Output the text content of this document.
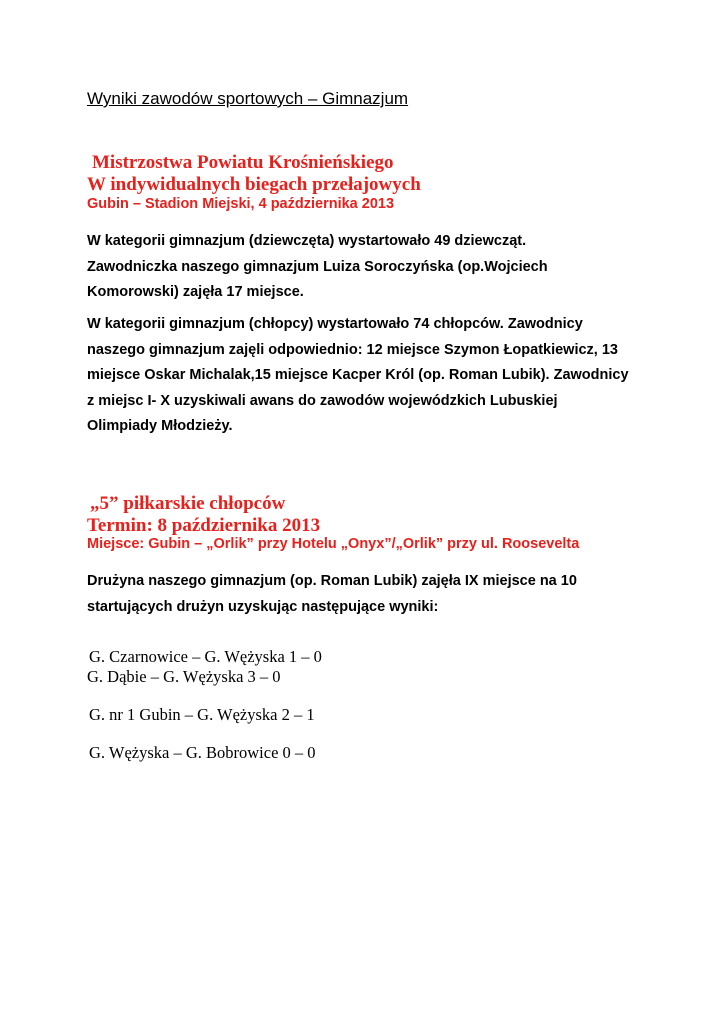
Wyniki zawodów sportowych – Gimnazjum
Mistrzostwa Powiatu Krośnieńskiego
W indywidualnych biegach przełajowych
Gubin – Stadion Miejski, 4 października 2013
W kategorii gimnazjum (dziewczęta) wystartowało 49 dziewcząt.
Zawodniczka naszego gimnazjum Luiza Soroczyńska (op.Wojciech
Komorowski) zajęła 17 miejsce.
W kategorii gimnazjum (chłopcy) wystartowało 74 chłopców. Zawodnicy
naszego gimnazjum zajęli odpowiednio: 12 miejsce Szymon Łopatkiewicz, 13
miejsce Oskar Michalak,15 miejsce Kacper Król (op. Roman Lubik). Zawodnicy
z miejsc I- X uzyskiwali awans do zawodów wojewódzkich Lubuskiej
Olimpiady Młodzieży.
„5” piłkarskie chłopców
Termin: 8 października 2013
Miejsce: Gubin – „Orlik” przy Hotelu „Onyx”/„Orlik” przy ul. Roosevelta
Drużyna naszego gimnazjum (op. Roman Lubik) zajęła IX miejsce na 10
startujących drużyn uzyskując następujące wyniki:
G. Czarnowice – G. Wężyska 1 – 0
G. Dąbie – G. Wężyska 3 – 0
G. nr 1 Gubin – G. Wężyska 2 – 1
G. Wężyska – G. Bobrowice 0 – 0
